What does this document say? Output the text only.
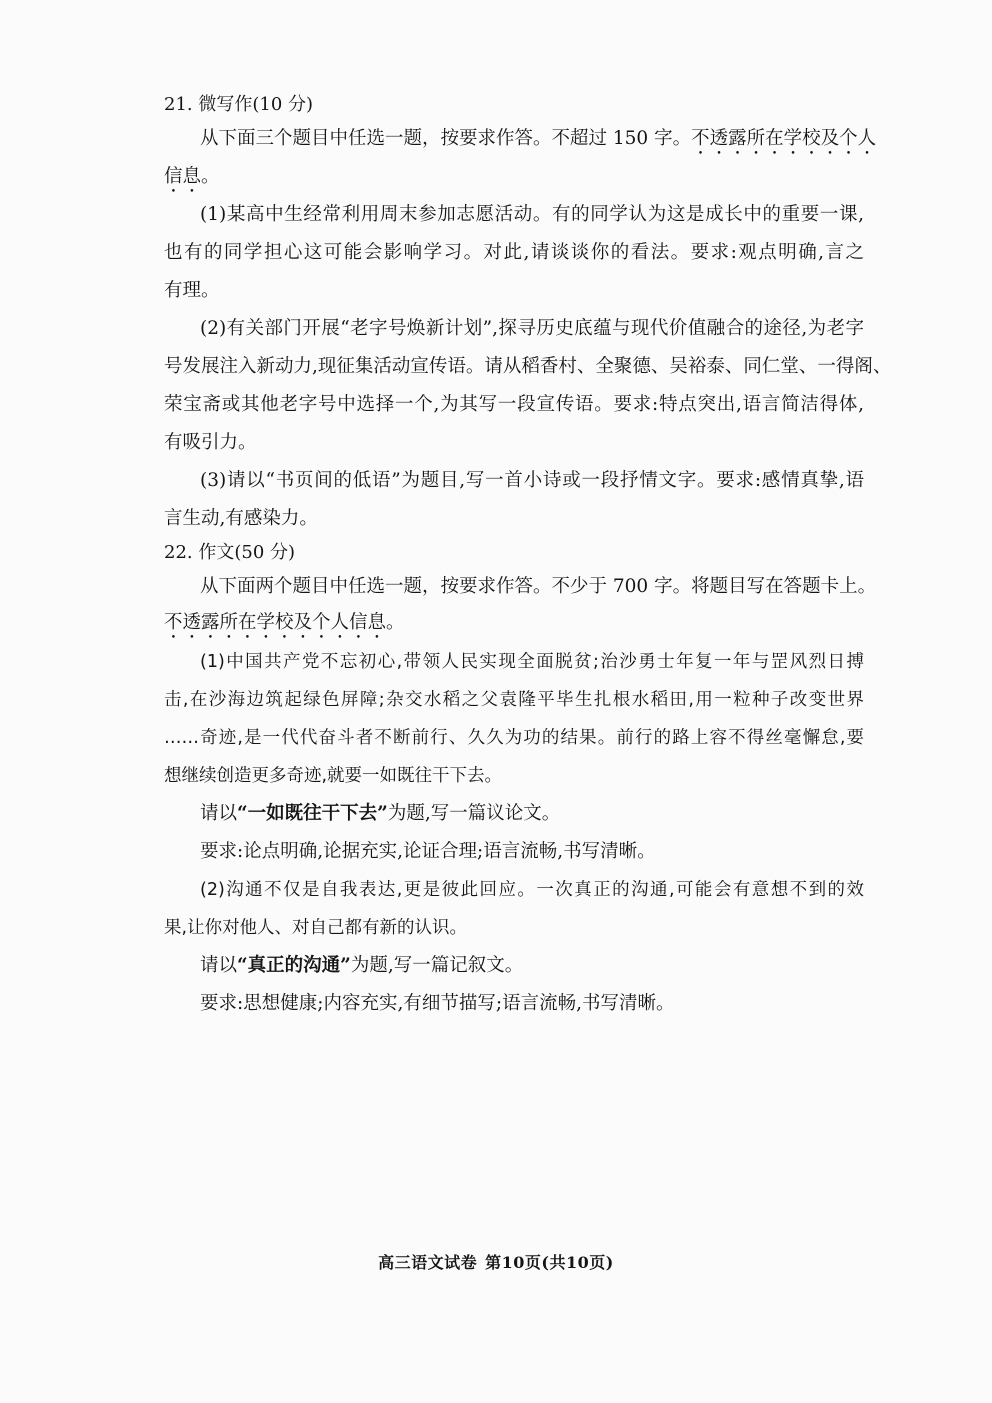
21. 微写作(10 分)
从下面三个题目中任选一题，按要求作答。不超过 150 字。不透露所在学校及个人
信息。
(1)某高中生经常利用周末参加志愿活动。有的同学认为这是成长中的重要一课,
也有的同学担心这可能会影响学习。对此,请谈谈你的看法。要求:观点明确,言之
有理。
(2)有关部门开展“老字号焕新计划”,探寻历史底蕴与现代价值融合的途径,为老字
号发展注入新动力,现征集活动宣传语。请从稻香村、全聚德、吴裕泰、同仁堂、一得阁、
荣宝斋或其他老字号中选择一个,为其写一段宣传语。要求:特点突出,语言简洁得体,
有吸引力。
(3)请以“书页间的低语”为题目,写一首小诗或一段抒情文字。要求:感情真挚,语
言生动,有感染力。
22. 作文(50 分)
从下面两个题目中任选一题，按要求作答。不少于 700 字。将题目写在答题卡上。
不透露所在学校及个人信息。
(1)中国共产党不忘初心,带领人民实现全面脱贫;治沙勇士年复一年与罡风烈日搏
击,在沙海边筑起绿色屏障;杂交水稻之父袁隆平毕生扎根水稻田,用一粒种子改变世界
……奇迹,是一代代奋斗者不断前行、久久为功的结果。前行的路上容不得丝毫懈怠,要
想继续创造更多奇迹,就要一如既往干下去。
请以“一如既往干下去”为题,写一篇议论文。
要求:论点明确,论据充实,论证合理;语言流畅,书写清晰。
(2)沟通不仅是自我表达,更是彼此回应。一次真正的沟通,可能会有意想不到的效
果,让你对他人、对自己都有新的认识。
请以“真正的沟通”为题,写一篇记叙文。
要求:思想健康;内容充实,有细节描写;语言流畅,书写清晰。
高三语文试卷 第10页(共10页)
